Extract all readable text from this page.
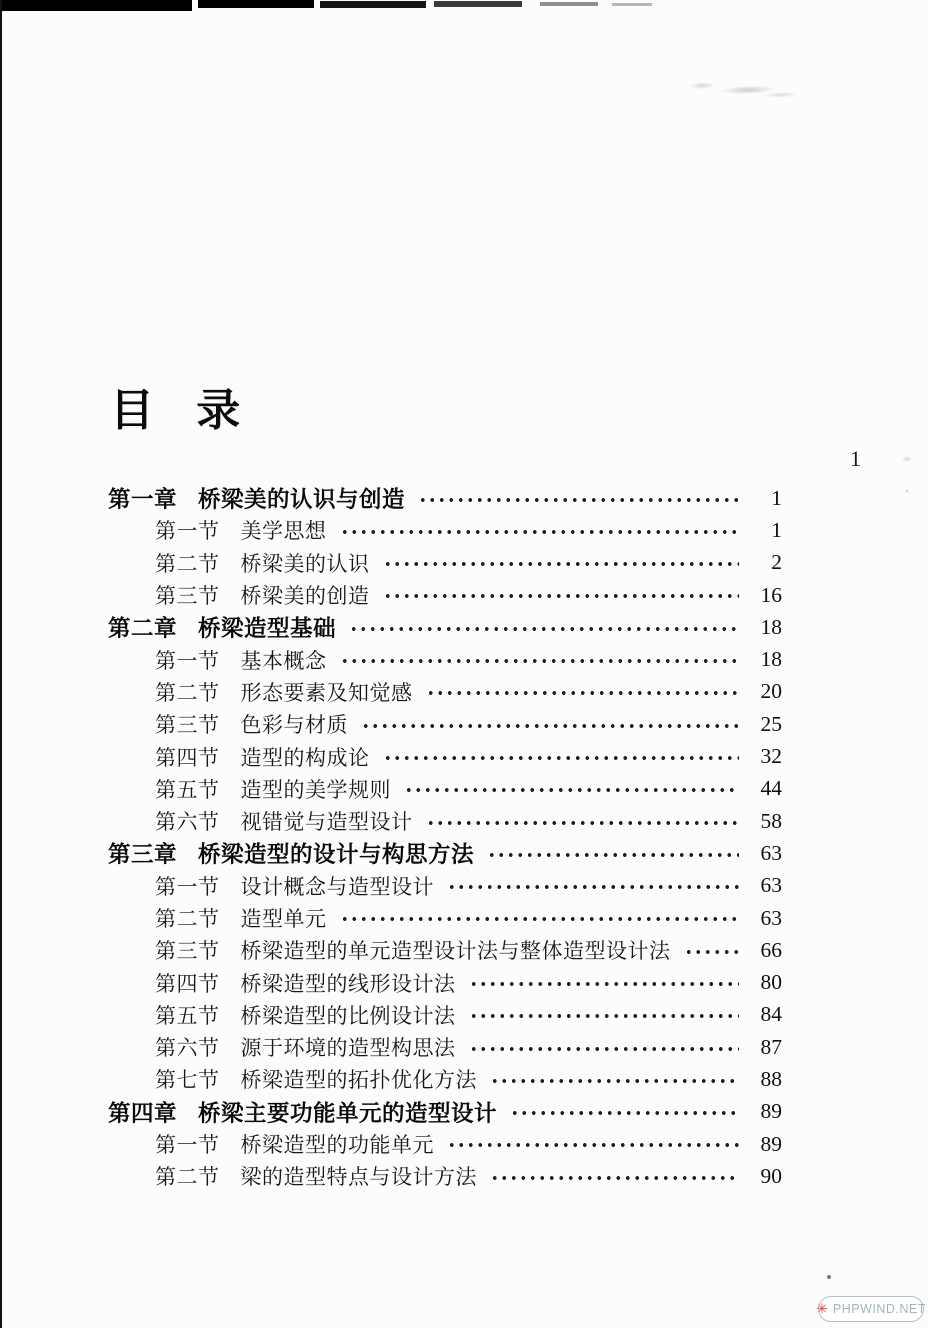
目 录
1
第一章 桥梁美的认识与创造	1
第一节 美学思想	1
第二节 桥梁美的认识	2
第三节 桥梁美的创造	16
第二章 桥梁造型基础	18
第一节 基本概念	18
第二节 形态要素及知觉感	20
第三节 色彩与材质	25
第四节 造型的构成论	32
第五节 造型的美学规则	44
第六节 视错觉与造型设计	58
第三章 桥梁造型的设计与构思方法	63
第一节 设计概念与造型设计	63
第二节 造型单元	63
第三节 桥梁造型的单元造型设计法与整体造型设计法	66
第四节 桥梁造型的线形设计法	80
第五节 桥梁造型的比例设计法	84
第六节 源于环境的造型构思法	87
第七节 桥梁造型的拓扑优化方法	88
第四章 桥梁主要功能单元的造型设计	89
第一节 桥梁造型的功能单元	89
第二节 梁的造型特点与设计方法	90
✳ PHPWIND.NET
